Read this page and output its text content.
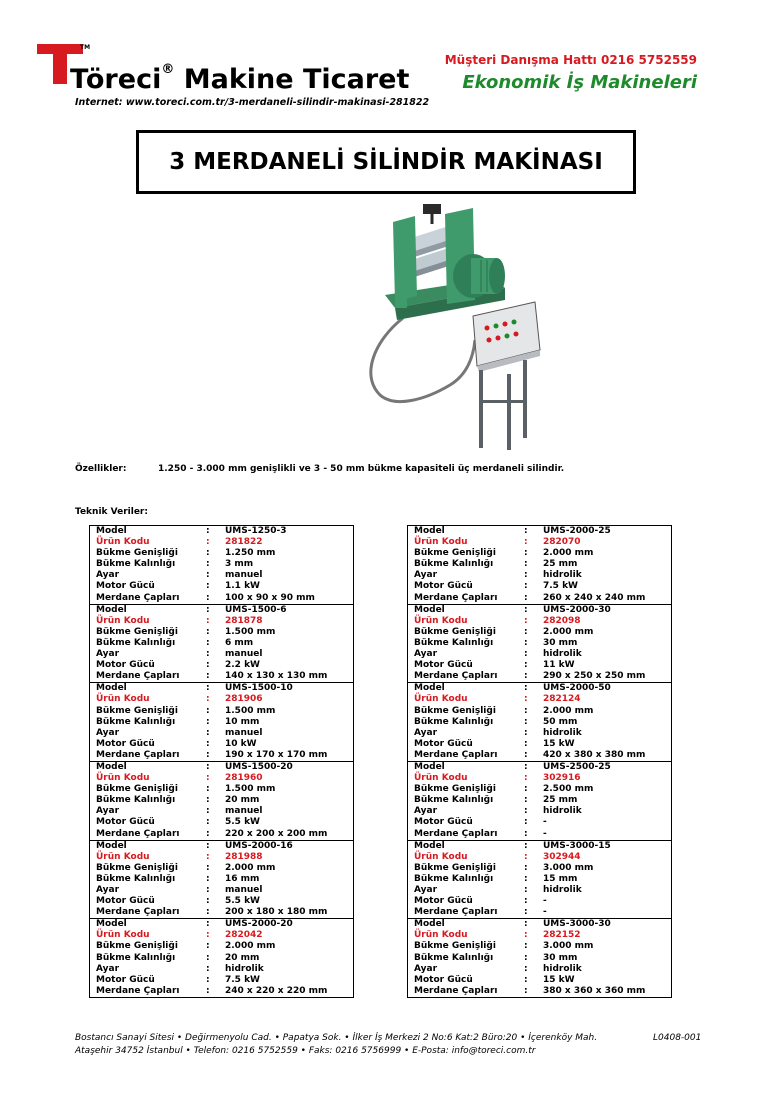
TM
Töreci® Makine Ticaret
Internet: www.toreci.com.tr/3-merdaneli-silindir-makinasi-281822
Müşteri Danışma Hattı 0216 5752559
Ekonomik İş Makineleri
3 MERDANELİ SİLİNDİR MAKİNASI
Özellikler:	1.250 - 3.000 mm genişlikli ve 3 - 50 mm bükme kapasiteli üç merdaneli silindir.
Teknik Veriler:
Model	:	UMS-1250-3
Ürün Kodu	:	281822
Bükme Genişliği	:	1.250 mm
Bükme Kalınlığı	:	3 mm
Ayar	:	manuel
Motor Gücü	:	1.1 kW
Merdane Çapları	:	100 x 90 x 90 mm
Model	:	UMS-1500-6
Ürün Kodu	:	281878
Bükme Genişliği	:	1.500 mm
Bükme Kalınlığı	:	6 mm
Ayar	:	manuel
Motor Gücü	:	2.2 kW
Merdane Çapları	:	140 x 130 x 130 mm
Model	:	UMS-1500-10
Ürün Kodu	:	281906
Bükme Genişliği	:	1.500 mm
Bükme Kalınlığı	:	10 mm
Ayar	:	manuel
Motor Gücü	:	10 kW
Merdane Çapları	:	190 x 170 x 170 mm
Model	:	UMS-1500-20
Ürün Kodu	:	281960
Bükme Genişliği	:	1.500 mm
Bükme Kalınlığı	:	20 mm
Ayar	:	manuel
Motor Gücü	:	5.5 kW
Merdane Çapları	:	220 x 200 x 200 mm
Model	:	UMS-2000-16
Ürün Kodu	:	281988
Bükme Genişliği	:	2.000 mm
Bükme Kalınlığı	:	16 mm
Ayar	:	manuel
Motor Gücü	:	5.5 kW
Merdane Çapları	:	200 x 180 x 180 mm
Model	:	UMS-2000-20
Ürün Kodu	:	282042
Bükme Genişliği	:	2.000 mm
Bükme Kalınlığı	:	20 mm
Ayar	:	hidrolik
Motor Gücü	:	7.5 kW
Merdane Çapları	:	240 x 220 x 220 mm
Model	:	UMS-2000-25
Ürün Kodu	:	282070
Bükme Genişliği	:	2.000 mm
Bükme Kalınlığı	:	25 mm
Ayar	:	hidrolik
Motor Gücü	:	7.5 kW
Merdane Çapları	:	260 x 240 x 240 mm
Model	:	UMS-2000-30
Ürün Kodu	:	282098
Bükme Genişliği	:	2.000 mm
Bükme Kalınlığı	:	30 mm
Ayar	:	hidrolik
Motor Gücü	:	11 kW
Merdane Çapları	:	290 x 250 x 250 mm
Model	:	UMS-2000-50
Ürün Kodu	:	282124
Bükme Genişliği	:	2.000 mm
Bükme Kalınlığı	:	50 mm
Ayar	:	hidrolik
Motor Gücü	:	15 kW
Merdane Çapları	:	420 x 380 x 380 mm
Model	:	UMS-2500-25
Ürün Kodu	:	302916
Bükme Genişliği	:	2.500 mm
Bükme Kalınlığı	:	25 mm
Ayar	:	hidrolik
Motor Gücü	:	-
Merdane Çapları	:	-
Model	:	UMS-3000-15
Ürün Kodu	:	302944
Bükme Genişliği	:	3.000 mm
Bükme Kalınlığı	:	15 mm
Ayar	:	hidrolik
Motor Gücü	:	-
Merdane Çapları	:	-
Model	:	UMS-3000-30
Ürün Kodu	:	282152
Bükme Genişliği	:	3.000 mm
Bükme Kalınlığı	:	30 mm
Ayar	:	hidrolik
Motor Gücü	:	15 kW
Merdane Çapları	:	380 x 360 x 360 mm
Bostancı Sanayi Sitesi • Değirmenyolu Cad. • Papatya Sok. • İlker İş Merkezi 2 No:6 Kat:2 Büro:20 • İçerenköy Mah.
Ataşehir 34752 İstanbul • Telefon: 0216 5752559 • Faks: 0216 5756999 • E-Posta: info@toreci.com.tr
L0408-001
